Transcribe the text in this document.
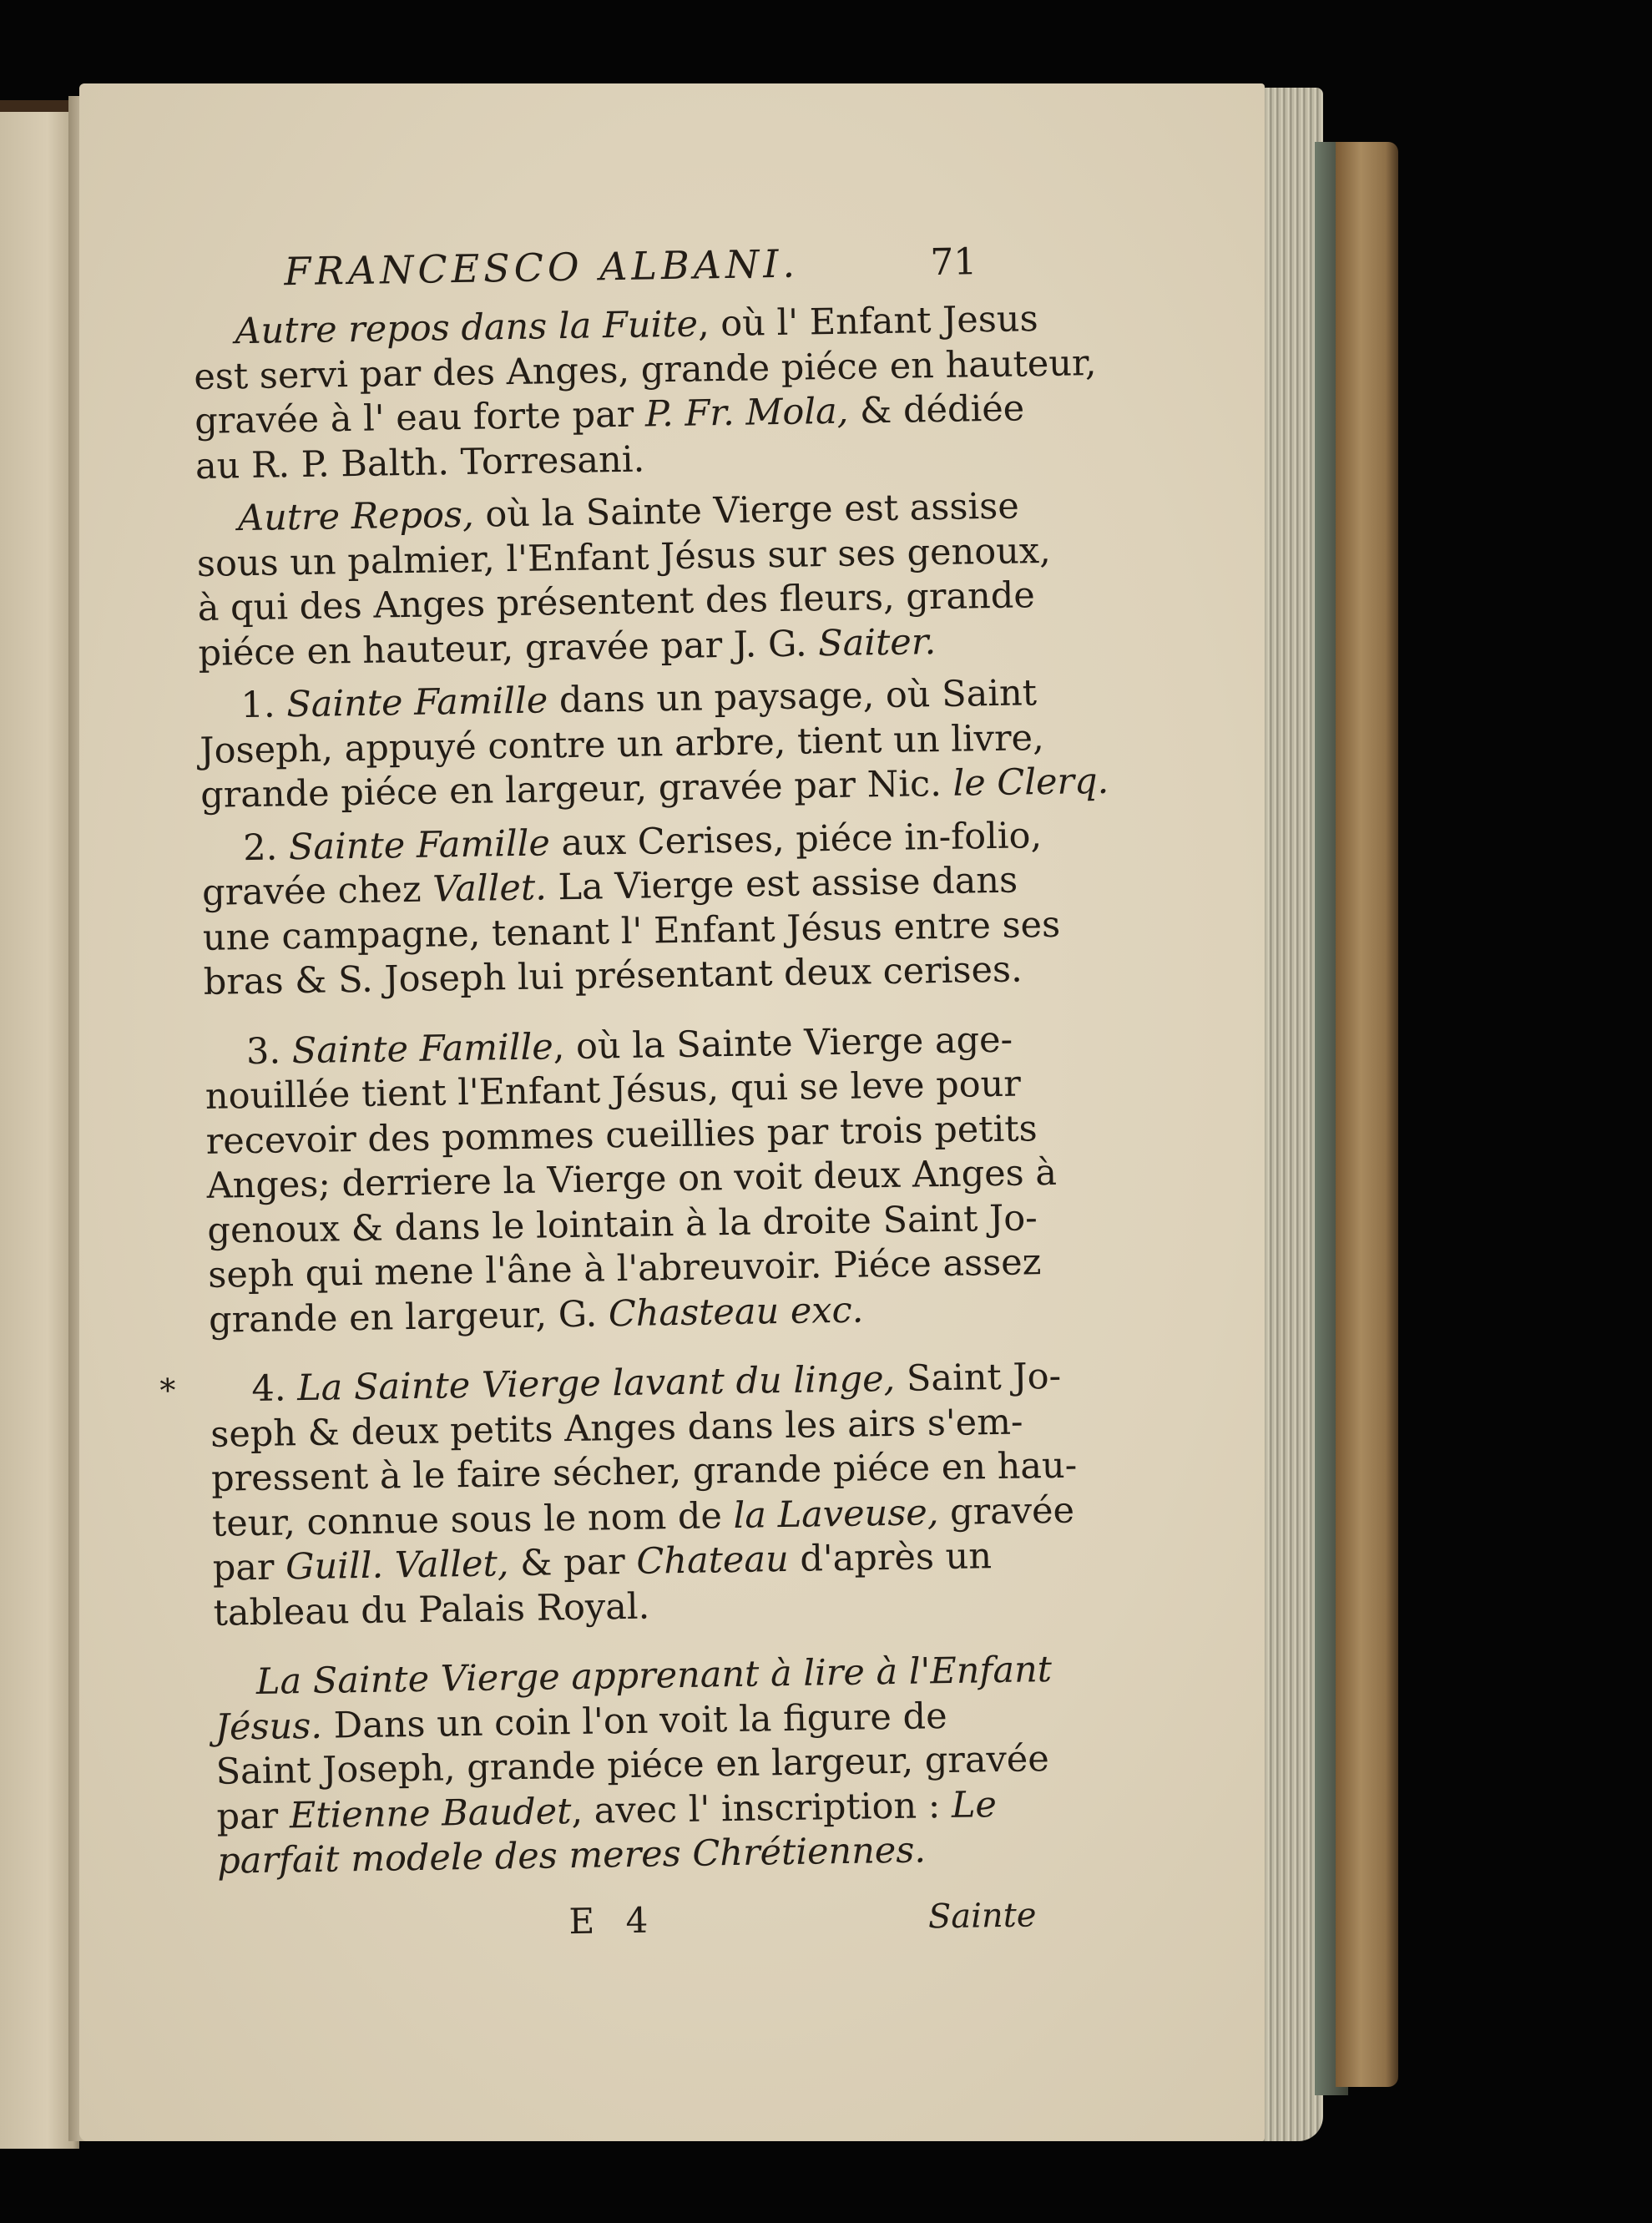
FRANCESCO ALBANI.	71
Autre repos dans la Fuite, où l' Enfant Jesus
est servi par des Anges, grande piéce en hauteur,
gravée à l' eau forte par P. Fr. Mola, & dédiée
au R. P. Balth. Torresani.
Autre Repos, où la Sainte Vierge est assise
sous un palmier, l'Enfant Jésus sur ses genoux,
à qui des Anges présentent des fleurs, grande
piéce en hauteur, gravée par J. G. Saiter.
1. Sainte Famille dans un paysage, où Saint
Joseph, appuyé contre un arbre, tient un livre,
grande piéce en largeur, gravée par Nic. le Clerq.
2. Sainte Famille aux Cerises, piéce in-folio,
gravée chez Vallet. La Vierge est assise dans
une campagne, tenant l' Enfant Jésus entre ses
bras & S. Joseph lui présentant deux cerises.
3. Sainte Famille, où la Sainte Vierge age-
nouillée tient l'Enfant Jésus, qui se leve pour
recevoir des pommes cueillies par trois petits
Anges; derriere la Vierge on voit deux Anges à
genoux & dans le lointain à la droite Saint Jo-
seph qui mene l'âne à l'abreuvoir. Piéce assez
grande en largeur, G. Chasteau exc.
*	4. La Sainte Vierge lavant du linge, Saint Jo-
seph & deux petits Anges dans les airs s'em-
pressent à le faire sécher, grande piéce en hau-
teur, connue sous le nom de la Laveuse, gravée
par Guill. Vallet, & par Chateau d'après un
tableau du Palais Royal.
La Sainte Vierge apprenant à lire à l'Enfant
Jésus. Dans un coin l'on voit la figure de
Saint Joseph, grande piéce en largeur, gravée
par Etienne Baudet, avec l' inscription : Le
parfait modele des meres Chrétiennes.
E 4	Sainte
